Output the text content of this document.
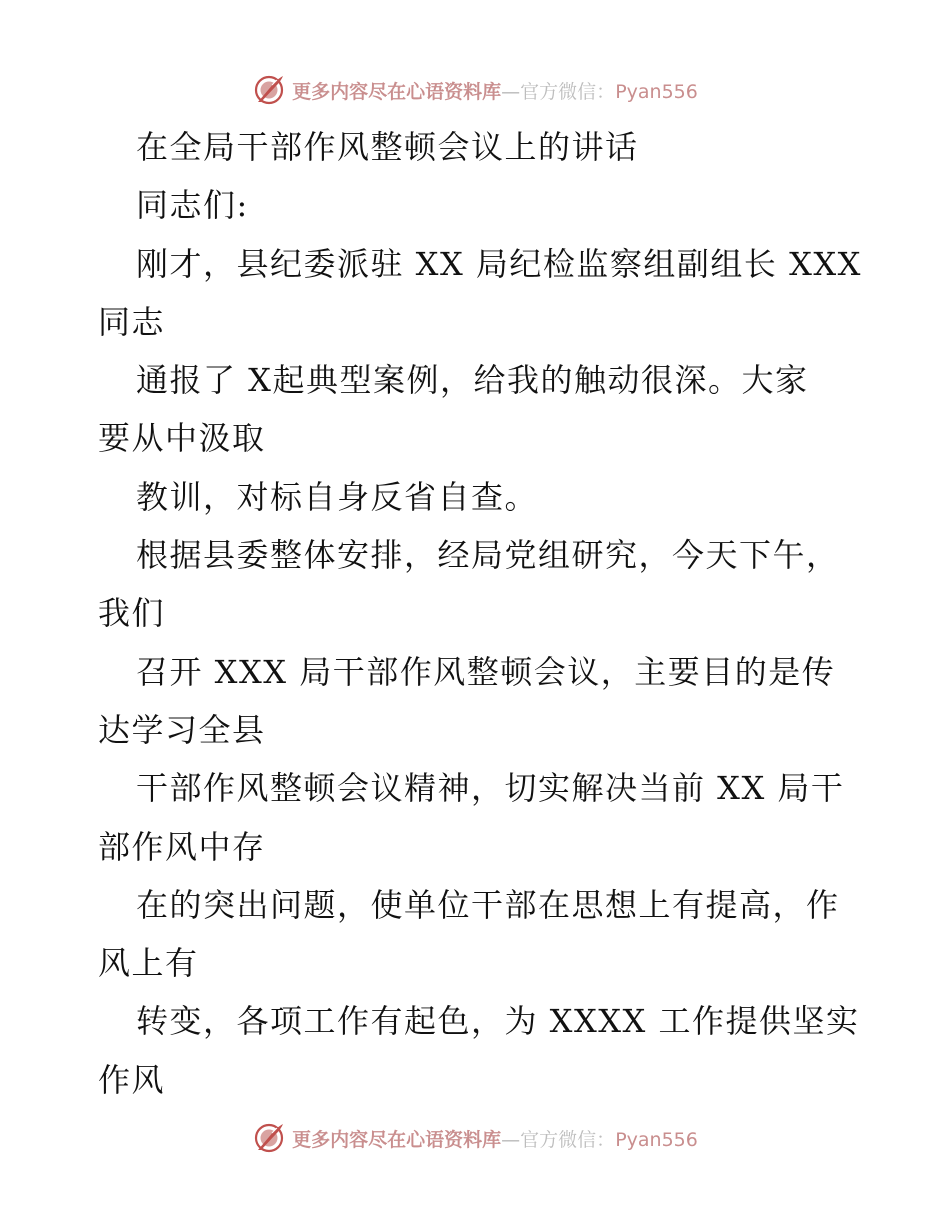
更多内容尽在心语资料库—官方微信：Pyan556
在全局干部作风整顿会议上的讲话
同志们:
刚才，县纪委派驻 XX 局纪检监察组副组长 XXX
同志
通报了 X起典型案例，给我的触动很深。大家
要从中汲取
教训，对标自身反省自查。
根据县委整体安排，经局党组研究，今天下午，
我们
召开 XXX 局干部作风整顿会议，主要目的是传
达学习全县
干部作风整顿会议精神，切实解决当前 XX 局干
部作风中存
在的突出问题，使单位干部在思想上有提高，作
风上有
转变，各项工作有起色，为 XXXX 工作提供坚实
作风
更多内容尽在心语资料库—官方微信：Pyan556
